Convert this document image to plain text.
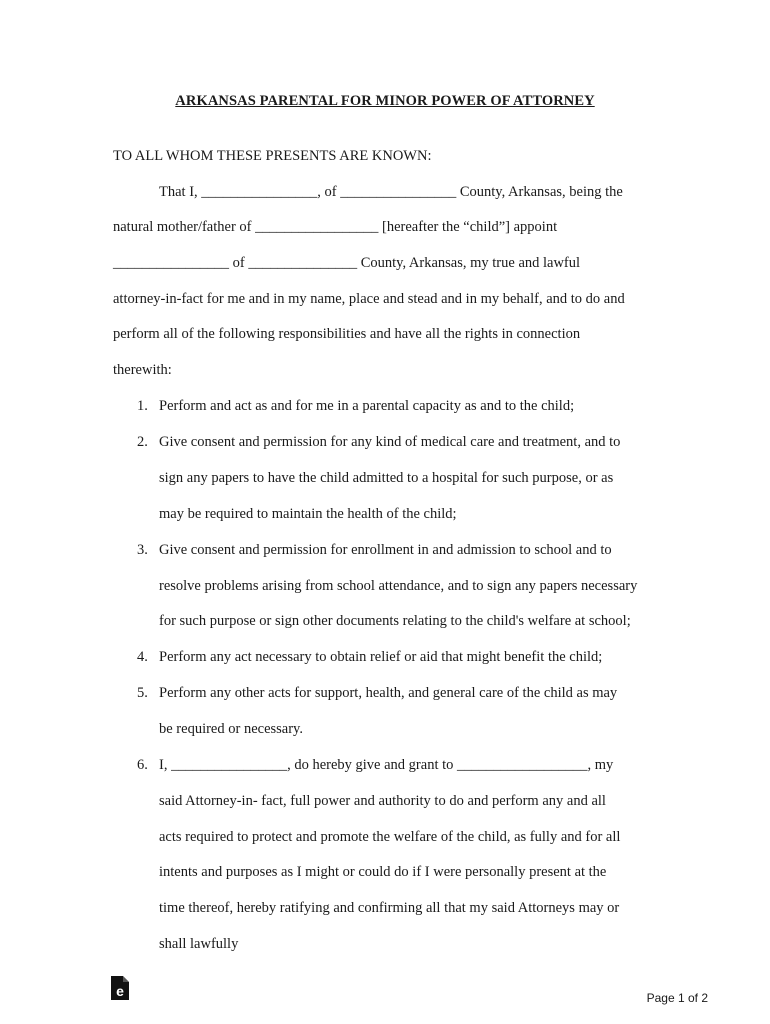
ARKANSAS PARENTAL FOR MINOR POWER OF ATTORNEY
TO ALL WHOM THESE PRESENTS ARE KNOWN:
That I, ________________, of ________________ County, Arkansas, being the
natural mother/father of _________________ [hereafter the “child”] appoint
________________ of _______________ County, Arkansas, my true and lawful
attorney-in-fact for me and in my name, place and stead and in my behalf, and to do and
perform all of the following responsibilities and have all the rights in connection
therewith:
1. Perform and act as and for me in a parental capacity as and to the child;
2. Give consent and permission for any kind of medical care and treatment, and to
sign any papers to have the child admitted to a hospital for such purpose, or as
may be required to maintain the health of the child;
3. Give consent and permission for enrollment in and admission to school and to
resolve problems arising from school attendance, and to sign any papers necessary
for such purpose or sign other documents relating to the child's welfare at school;
4. Perform any act necessary to obtain relief or aid that might benefit the child;
5. Perform any other acts for support, health, and general care of the child as may
be required or necessary.
6. I, ________________, do hereby give and grant to __________________, my
said Attorney-in- fact, full power and authority to do and perform any and all
acts required to protect and promote the welfare of the child, as fully and for all
intents and purposes as I might or could do if I were personally present at the
time thereof, hereby ratifying and confirming all that my said Attorneys may or
shall lawfully
e	Page 1 of 2
